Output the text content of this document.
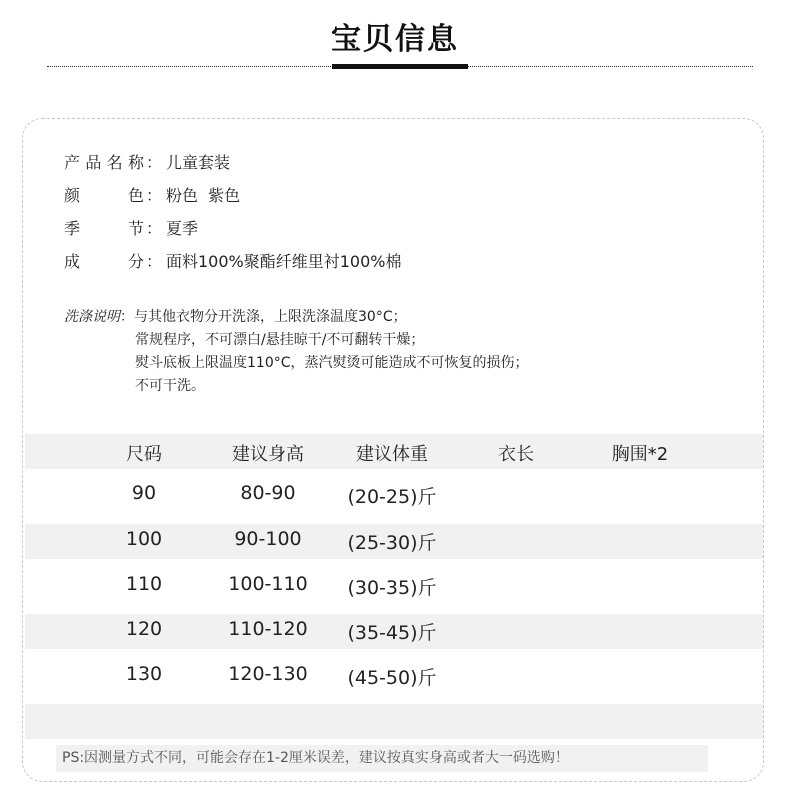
宝贝信息
产 品 名 称 ： 儿童套装
颜	色 ： 粉色  紫色
季	节 ： 夏季
成	分 ： 面料100%聚酯纤维里衬100%棉
洗涤说明：与其他衣物分开洗涤，上限洗涤温度30°C；
常规程序，不可漂白/悬挂晾干/不可翻转干燥；
熨斗底板上限温度110°C，蒸汽熨烫可能造成不可恢复的损伤；
不可干洗。
尺码	建议身高	建议体重	衣长	胸围*2
90	80-90	(20-25)斤
100	90-100	(25-30)斤
110	100-110	(30-35)斤
120	110-120	(35-45)斤
130	120-130	(45-50)斤
PS:因测量方式不同，可能会存在1-2厘米误差，建议按真实身高或者大一码选购！
